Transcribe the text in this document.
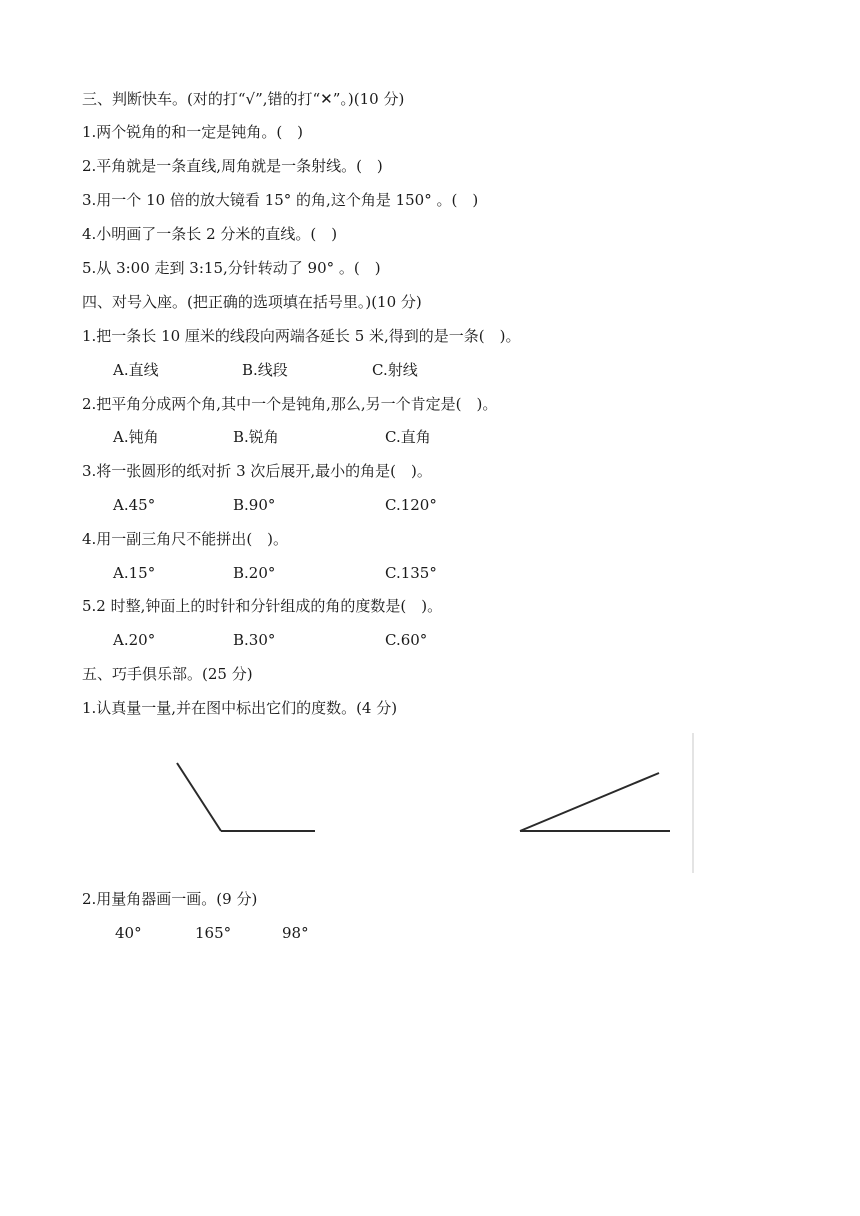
三、判断快车。(对的打“√”,错的打“✕”。)(10 分)
1.两个锐角的和一定是钝角。(　)
2.平角就是一条直线,周角就是一条射线。(　)
3.用一个 10 倍的放大镜看 15° 的角,这个角是 150° 。(　)
4.小明画了一条长 2 分米的直线。(　)
5.从 3:00 走到 3:15,分针转动了 90° 。(　)
四、对号入座。(把正确的选项填在括号里。)(10 分)
1.把一条长 10 厘米的线段向两端各延长 5 米,得到的是一条(　)。
A.直线	B.线段	C.射线
2.把平角分成两个角,其中一个是钝角,那么,另一个肯定是(　)。
A.钝角	B.锐角	C.直角
3.将一张圆形的纸对折 3 次后展开,最小的角是(　)。
A.45°	B.90°	C.120°
4.用一副三角尺不能拼出(　)。
A.15°	B.20°	C.135°
5.2 时整,钟面上的时针和分针组成的角的度数是(　)。
A.20°	B.30°	C.60°
五、巧手俱乐部。(25 分)
1.认真量一量,并在图中标出它们的度数。(4 分)
2.用量角器画一画。(9 分)
40°	165°	98°
